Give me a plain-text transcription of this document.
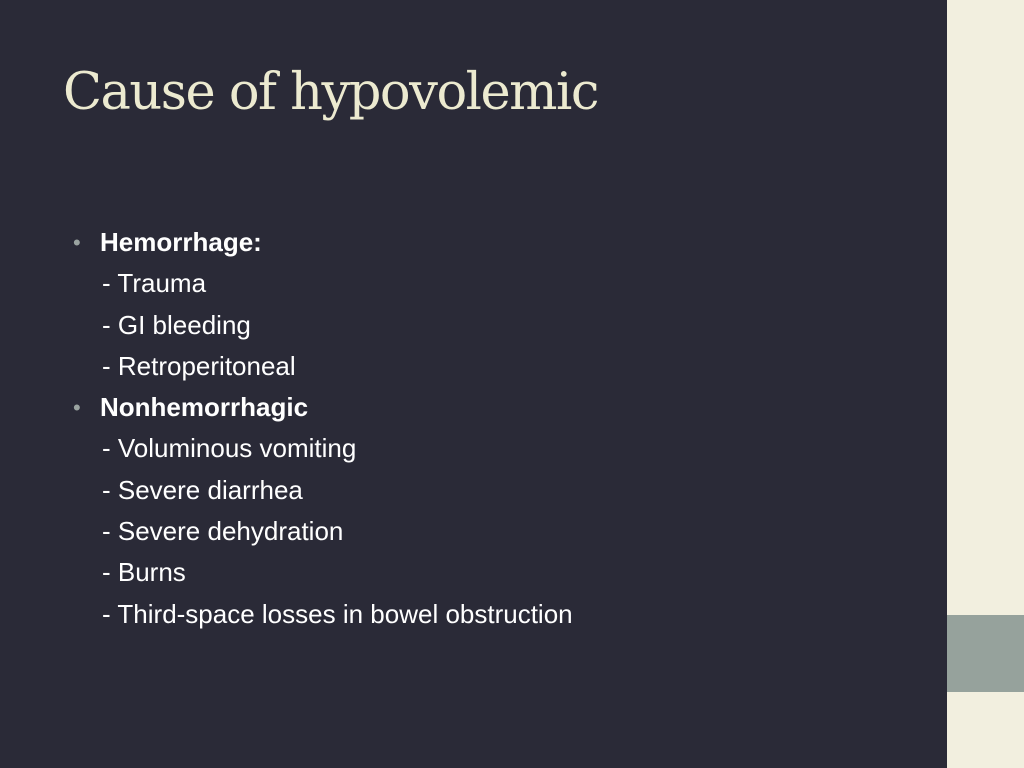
Cause of hypovolemic
• Hemorrhage:
- Trauma
- GI bleeding
- Retroperitoneal
• Nonhemorrhagic
- Voluminous vomiting
- Severe diarrhea
- Severe dehydration
- Burns
- Third-space losses in bowel obstruction
